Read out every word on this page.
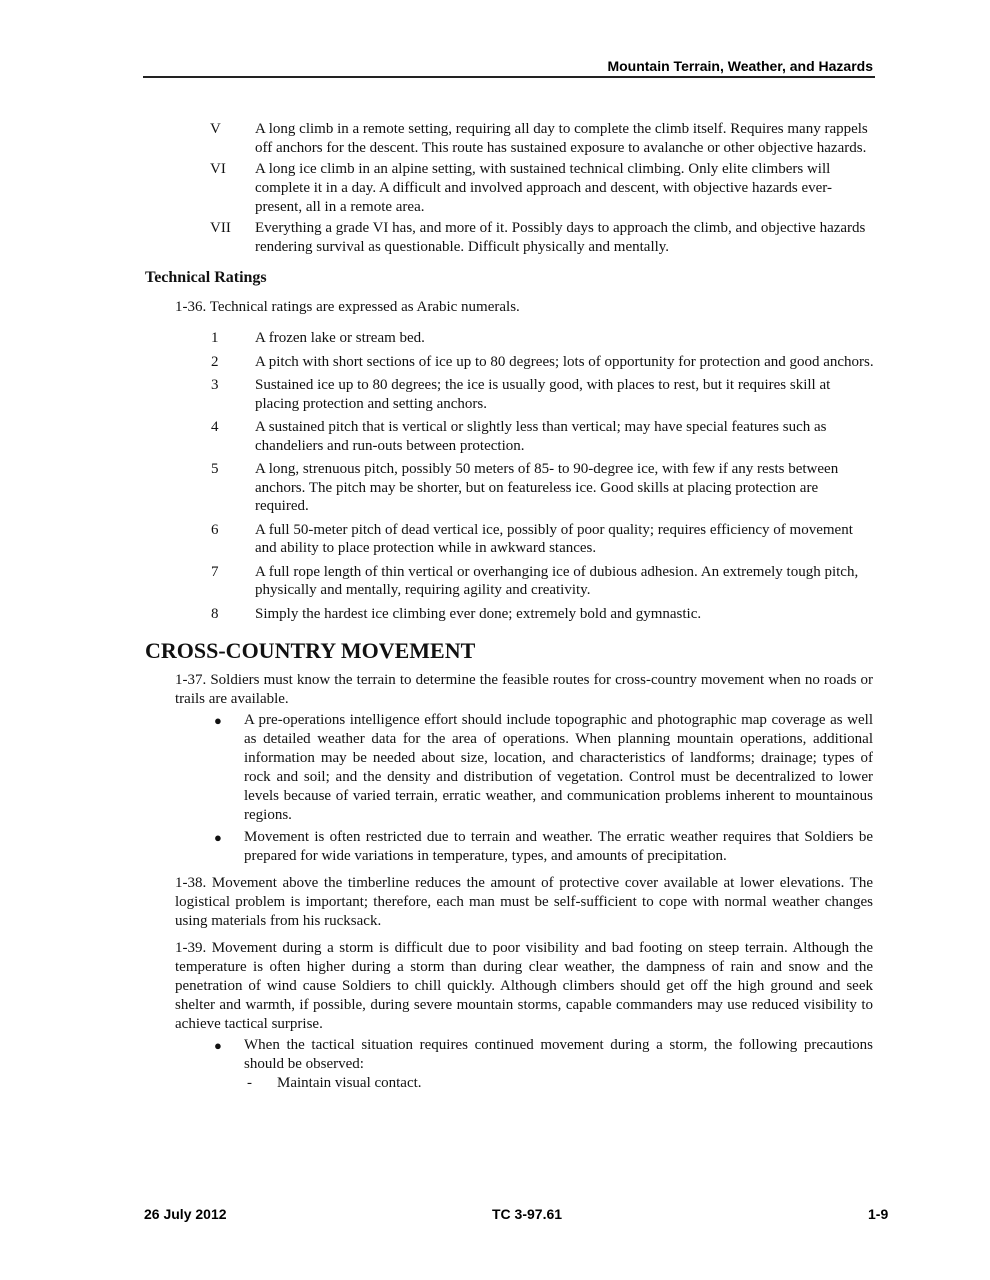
Mountain Terrain, Weather, and Hazards
V	A long climb in a remote setting, requiring all day to complete the climb itself. Requires many rappels off anchors for the descent. This route has sustained exposure to avalanche or other objective hazards.
VI	A long ice climb in an alpine setting, with sustained technical climbing. Only elite climbers will complete it in a day. A difficult and involved approach and descent, with objective hazards ever-present, all in a remote area.
VII	Everything a grade VI has, and more of it. Possibly days to approach the climb, and objective hazards rendering survival as questionable. Difficult physically and mentally.
Technical Ratings
1-36. Technical ratings are expressed as Arabic numerals.
1	A frozen lake or stream bed.
2	A pitch with short sections of ice up to 80 degrees; lots of opportunity for protection and good anchors.
3	Sustained ice up to 80 degrees; the ice is usually good, with places to rest, but it requires skill at placing protection and setting anchors.
4	A sustained pitch that is vertical or slightly less than vertical; may have special features such as chandeliers and run-outs between protection.
5	A long, strenuous pitch, possibly 50 meters of 85- to 90-degree ice, with few if any rests between anchors. The pitch may be shorter, but on featureless ice. Good skills at placing protection are required.
6	A full 50-meter pitch of dead vertical ice, possibly of poor quality; requires efficiency of movement and ability to place protection while in awkward stances.
7	A full rope length of thin vertical or overhanging ice of dubious adhesion. An extremely tough pitch, physically and mentally, requiring agility and creativity.
8	Simply the hardest ice climbing ever done; extremely bold and gymnastic.
CROSS-COUNTRY MOVEMENT
1-37. Soldiers must know the terrain to determine the feasible routes for cross-country movement when no roads or trails are available.
● A pre-operations intelligence effort should include topographic and photographic map coverage as well as detailed weather data for the area of operations. When planning mountain operations, additional information may be needed about size, location, and characteristics of landforms; drainage; types of rock and soil; and the density and distribution of vegetation. Control must be decentralized to lower levels because of varied terrain, erratic weather, and communication problems inherent to mountainous regions.
● Movement is often restricted due to terrain and weather. The erratic weather requires that Soldiers be prepared for wide variations in temperature, types, and amounts of precipitation.
1-38. Movement above the timberline reduces the amount of protective cover available at lower elevations. The logistical problem is important; therefore, each man must be self-sufficient to cope with normal weather changes using materials from his rucksack.
1-39. Movement during a storm is difficult due to poor visibility and bad footing on steep terrain. Although the temperature is often higher during a storm than during clear weather, the dampness of rain and snow and the penetration of wind cause Soldiers to chill quickly. Although climbers should get off the high ground and seek shelter and warmth, if possible, during severe mountain storms, capable commanders may use reduced visibility to achieve tactical surprise.
● When the tactical situation requires continued movement during a storm, the following precautions should be observed:
- Maintain visual contact.
26 July 2012	TC 3-97.61	1-9
